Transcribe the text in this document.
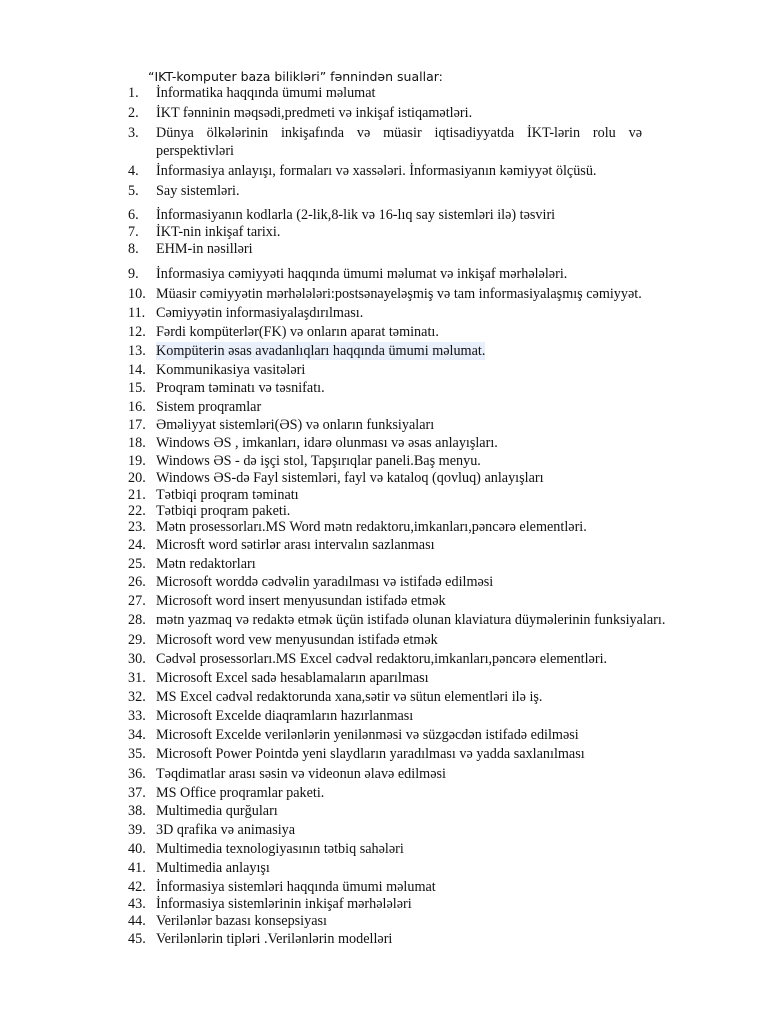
“IKT-komputer baza bilikləri” fənnindən suallar:
1.	İnformatika haqqında ümumi məlumat
2.	İKT fənninin məqsədi,predmeti və inkişaf istiqamətləri.
3.	Dünya ölkələrinin inkişafında və müasir iqtisadiyyatda İKT-lərin rolu və perspektivləri
4.	İnformasiya anlayışı, formaları və xassələri. İnformasiyanın kəmiyyət ölçüsü.
5.	Say sistemləri.
6.	İnformasiyanın kodlarla (2-lik,8-lik və 16-lıq say sistemləri ilə) təsviri
7.	İKT-nin inkişaf tarixi.
8.	EHM-in nəsilləri
9.	İnformasiya cəmiyyəti haqqında ümumi məlumat və inkişaf mərhələləri.
10. Müasir cəmiyyətin mərhələləri:postsənayeləşmiş və tam informasiyalaşmış cəmiyyət.
11. Cəmiyyətin informasiyalaşdırılması.
12. Fərdi kompüterlər(FK) və onların aparat təminatı.
13. Kompüterin əsas avadanlıqları haqqında ümumi məlumat.
14. Kommunikasiya vasitələri
15. Proqram təminatı və təsnifatı.
16. Sistem proqramlar
17. Əməliyyat sistemləri(ƏS) və onların funksiyaları
18. Windows ƏS , imkanları, idarə olunması və əsas anlayışları.
19. Windows ƏS - də işçi stol, Tapşırıqlar paneli.Baş menyu.
20. Windows ƏS-də Fayl sistemləri, fayl və kataloq (qovluq) anlayışları
21. Tətbiqi proqram təminatı
22. Tətbiqi proqram paketi.
23. Mətn prosessorları.MS Word mətn redaktoru,imkanları,pəncərə elementləri.
24. Microsft word sətirlər arası intervalın sazlanması
25. Mətn redaktorları
26. Microsoft worddə cədvəlin yaradılması və istifadə edilməsi
27. Microsoft word insert menyusundan istifadə etmək
28. mətn yazmaq və redaktə etmək üçün istifadə olunan klaviatura düyməlerinin funksiyaları.
29. Microsoft word vew menyusundan istifadə etmək
30. Cədvəl prosessorları.MS Excel cədvəl redaktoru,imkanları,pəncərə elementləri.
31. Microsoft Excel sadə hesablamaların aparılması
32. MS Excel cədvəl redaktorunda xana,sətir və sütun elementləri ilə iş.
33. Microsoft Excelde diaqramların hazırlanması
34. Microsoft Excelde verilənlərin yenilənməsi və süzgəcdən istifadə edilməsi
35. Microsoft Power Pointdə yeni slaydların yaradılması və yadda saxlanılması
36. Təqdimatlar arası səsin və videonun əlavə edilməsi
37. MS Office proqramlar paketi.
38. Multimedia qurğuları
39. 3D qrafika və animasiya
40. Multimedia texnologiyasının tətbiq sahələri
41. Multimedia anlayışı
42. İnformasiya sistemləri haqqında ümumi məlumat
43. İnformasiya sistemlərinin inkişaf mərhələləri
44. Verilənlər bazası konsepsiyası
45. Verilənlərin tipləri .Verilənlərin modelləri
